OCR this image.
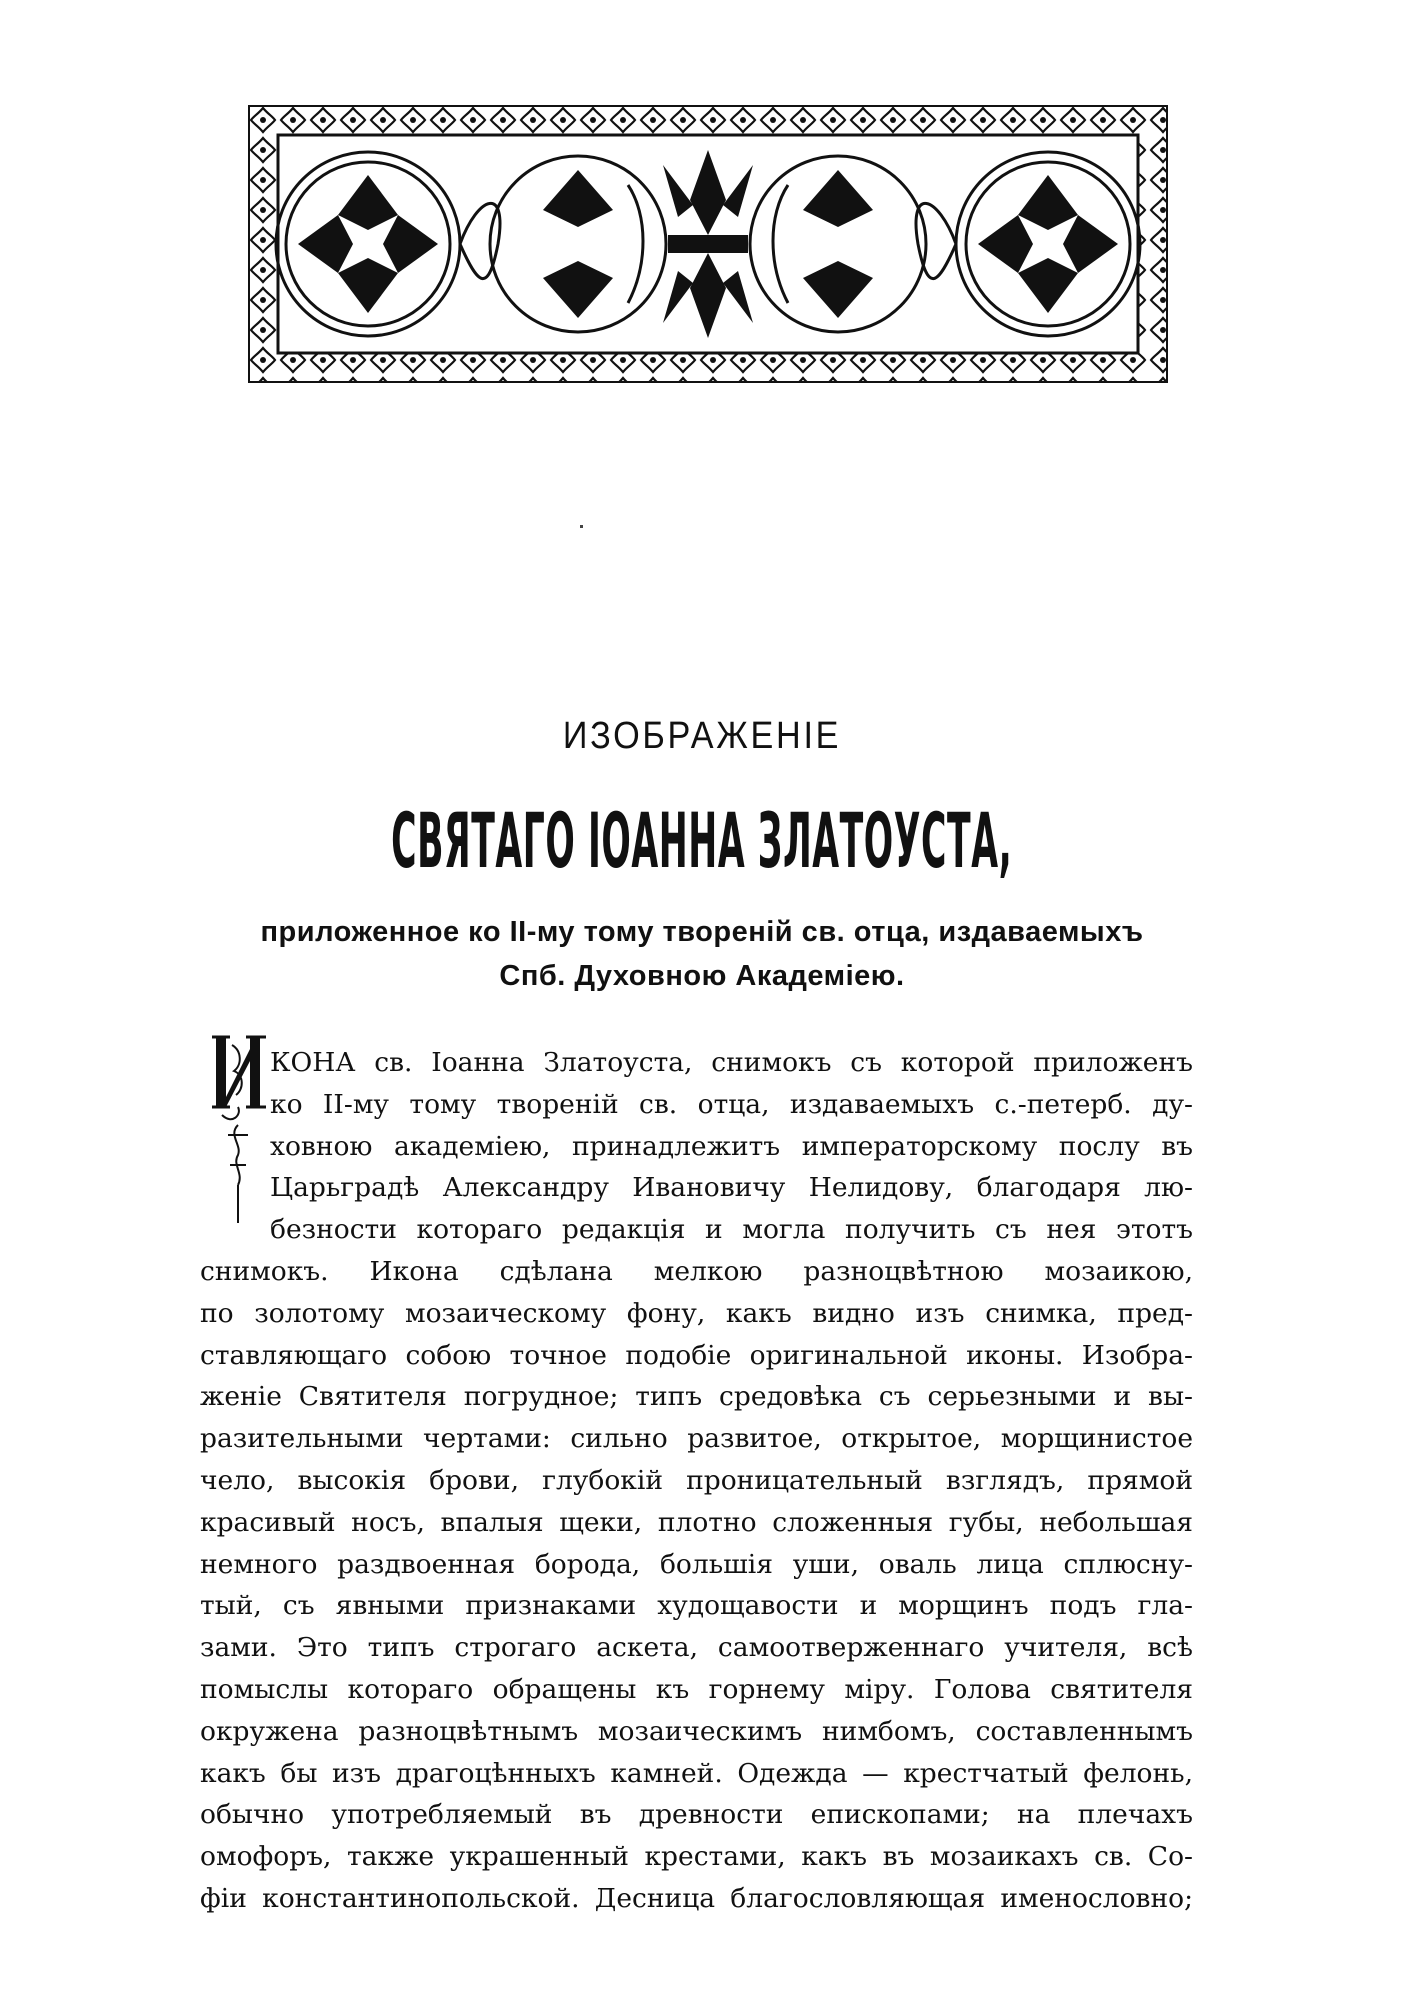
ИЗОБРАЖЕНІЕ
СВЯТАГО ІОАННА ЗЛАТОУСТА,
приложенное ко II-му тому твореній св. отца, издаваемыхъ
Спб. Духовною Академіею.
КОНА св. Іоанна Златоуста, снимокъ съ которой приложенъ
ко II-му тому твореній св. отца, издаваемыхъ с.-петерб. ду-
ховною академіею, принадлежитъ императорскому послу въ
Царьградѣ Александру Ивановичу Нелидову, благодаря лю-
безности котораго редакція и могла получить съ нея этотъ
снимокъ. Икона сдѣлана мелкою разноцвѣтною мозаикою,
по золотому мозаическому фону, какъ видно изъ снимка, пред-
ставляющаго собою точное подобіе оригинальной иконы. Изобра-
женіе Святителя погрудное; типъ средовѣка съ серьезными и вы-
разительными чертами: сильно развитое, открытое, морщинистое
чело, высокія брови, глубокій проницательный взглядъ, прямой
красивый носъ, впалыя щеки, плотно сложенныя губы, небольшая
немного раздвоенная борода, большія уши, оваль лица сплюсну-
тый, съ явными признаками худощавости и морщинъ подъ гла-
зами. Это типъ строгаго аскета, самоотверженнаго учителя, всѣ
помыслы котораго обращены къ горнему міру. Голова святителя
окружена разноцвѣтнымъ мозаическимъ нимбомъ, составленнымъ
какъ бы изъ драгоцѣнныхъ камней. Одежда — крестчатый фелонь,
обычно употребляемый въ древности епископами; на плечахъ
омофоръ, также украшенный крестами, какъ въ мозаикахъ св. Со-
фіи константинопольской. Десница благословляющая именословно;
